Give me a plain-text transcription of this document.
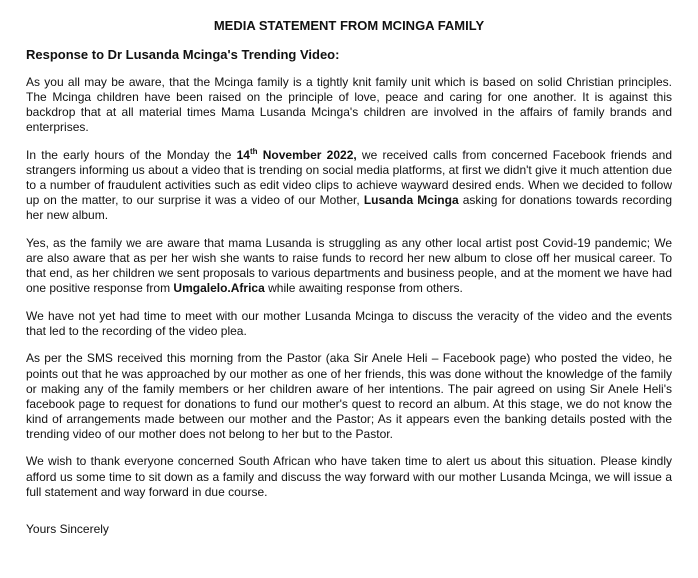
MEDIA STATEMENT FROM MCINGA FAMILY
Response to Dr Lusanda Mcinga's Trending Video:

As you all may be aware, that the Mcinga family is a tightly knit family unit which is based on solid Christian principles. The Mcinga children have been raised on the principle of love, peace and caring for one another. It is against this backdrop that at all material times Mama Lusanda Mcinga's children are involved in the affairs of family brands and enterprises.

In the early hours of the Monday the 14th November 2022, we received calls from concerned Facebook friends and strangers informing us about a video that is trending on social media platforms, at first we didn't give it much attention due to a number of fraudulent activities such as edit video clips to achieve wayward desired ends. When we decided to follow up on the matter, to our surprise it was a video of our Mother, Lusanda Mcinga asking for donations towards recording her new album.

Yes, as the family we are aware that mama Lusanda is struggling as any other local artist post Covid-19 pandemic; We are also aware that as per her wish she wants to raise funds to record her new album to close off her musical career. To that end, as her children we sent proposals to various departments and business people, and at the moment we have had one positive response from Umgalelo.Africa while awaiting response from others.

We have not yet had time to meet with our mother Lusanda Mcinga to discuss the veracity of the video and the events that led to the recording of the video plea.

As per the SMS received this morning from the Pastor (aka Sir Anele Heli – Facebook page) who posted the video, he points out that he was approached by our mother as one of her friends, this was done without the knowledge of the family or making any of the family members or her children aware of her intentions. The pair agreed on using Sir Anele Heli's facebook page to request for donations to fund our mother's quest to record an album. At this stage, we do not know the kind of arrangements made between our mother and the Pastor; As it appears even the banking details posted with the trending video of our mother does not belong to her but to the Pastor.

We wish to thank everyone concerned South African who have taken time to alert us about this situation. Please kindly afford us some time to sit down as a family and discuss the way forward with our mother Lusanda Mcinga, we will issue a full statement and way forward in due course.

Yours Sincerely
